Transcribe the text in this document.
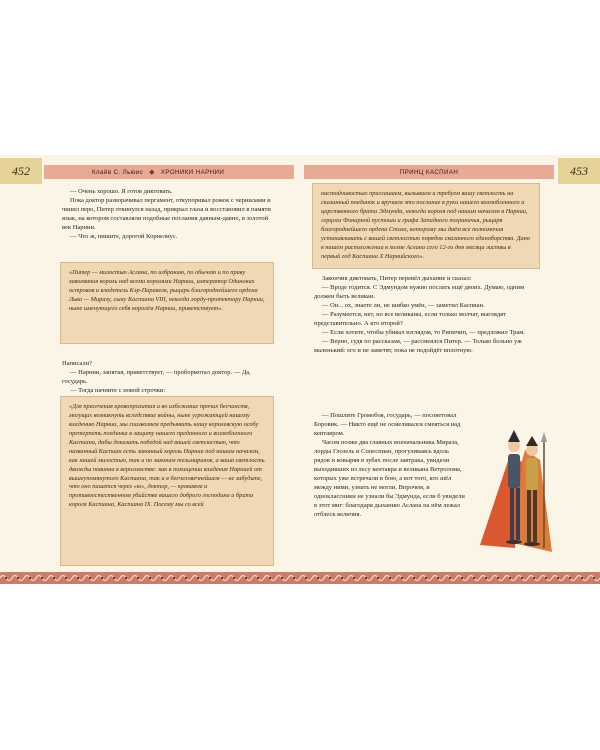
452	453
Клайв С. Льюис ◆ ХРОНИКИ НАРНИИ	ПРИНЦ КАСПИАН

— Очень хорошо. Я готов диктовать.

Пока доктор разворачивал пергамент, откупоривал рожок с чернилами и чинил перо, Питер откинулся назад, прикрыл глаза и восстановил в памяти язык, на котором составляли подобные послания давным-давно, в золотой век Нарнии.

— Что ж, пишите, дорогой Корнелиус.

«Питер — милостью Аслана, по избранию, по обычаю и по праву завоевания король над всеми королями Нарнии, император Одиноких островов и владетель Кэр-Паравеля, рыцарь благороднейшего ордена Льва — Миразу, сыну Каспиана VIII, некогда лорду-протектору Нарнии, ныне именующего себя королём Нарнии, приветствует».

Написали?

— Нарнии, запятая, приветствует, — пробормотал доктор. — Да, государь.

— Тогда начните с новой строчки:

«Для пресечения кровопролития и во избежание прочих бесчинств, могущих возникнуть вследствие войны, ныне угрожающей нашему владению Нарнии, мы соизволяем предъявить нашу королевскую особу претерпеть поединка в защиту нашего преданного и возлюбленного Каспиана, дабы доказать победой над вашей светлостью, что названный Каспиан есть законный король Нарнии под нашим началом, как нашей милостью, так и по законам тельмаринов, а ваша светлость дважды повинна в вероломстве: как в похищении владения Нарнией от вышеупомянутого Каспиана, так и в бесчеловечнейшем — не забудьте, что оно пишется через «ю», доктор, — кровавом и противоестественном убийстве вашего доброго господина и брата короля Каспиана, Каспиана IX. Посему мы со всей
настойчивостью приглашаем, вызываем и требуем вашу светлость на сказанный поединок и вручаем это послание в руки нашего возлюбленного и царственного брата Эдмунда, некогда короля под нашим началом в Нарнии, герцога Фонарной пустоши и графа Западного пограничья, рыцаря благороднейшего ордена Стола, которому мы даём все полномочия устанавливать с вашей светлостью порядок сказанного единоборства. Дано в нашем расположении в холме Аслана сего 12-го дня месяца листвы в первый год Каспиана X Нарнийского».

Закончив диктовать, Питер перевёл дыхание и сказал:

— Вроде годится. С Эдмундом нужно послать ещё двоих. Думаю, одним должен быть великан.

— Он... ох, знаете ли, не шибко умён, — заметил Каспиан.

— Разумеется, нет, но все великаны, если только молчат, выглядят представительно. А кто второй?

— Если хотите, чтобы убивал взглядом, то Рипичип, — предложил Трам.

— Верно, судя по рассказам, — рассмеялся Питер. — Только больно уж маленький: его и не заметят, пока не подойдёт вплотную.

— Пошлите Громобоя, государь, — посоветовал Боровик. — Никто ещё не осмеливался смеяться над кентавром.

Часом позже два главных военачальника Мираза, лорды Глозель и Сопеспиан, прогуливаясь вдоль рядов и ковыряя в зубах после завтрака, увидели выходивших из лесу кентавра и великана Ветролома, которых уже встречали в бою, а вот того, кто шёл между ними, узнать не могли. Впрочем, и одноклассники не узнали бы Эдмунда, если б увидели в этот миг: благодаря дыханию Аслана на нём лежал отблеск величия.
